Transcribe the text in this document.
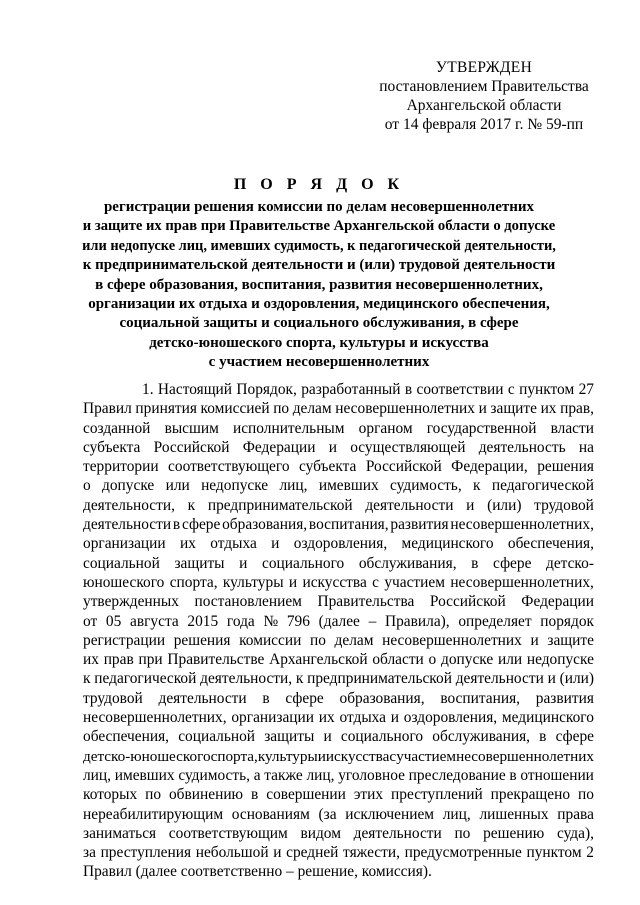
УТВЕРЖДЕН
постановлением Правительства
Архангельской области
от 14 февраля 2017 г. № 59-пп
П О Р Я Д О К
регистрации решения комиссии по делам несовершеннолетних
и защите их прав при Правительстве Архангельской области о допуске
или недопуске лиц, имевших судимость, к педагогической деятельности,
к предпринимательской деятельности и (или) трудовой деятельности
в сфере образования, воспитания, развития несовершеннолетних,
организации их отдыха и оздоровления, медицинского обеспечения,
социальной защиты и социального обслуживания, в сфере
детско-юношеского спорта, культуры и искусства
с участием несовершеннолетних
1. Настоящий Порядок, разработанный в соответствии с пунктом 27
Правил принятия комиссией по делам несовершеннолетних и защите их прав,
созданной высшим исполнительным органом государственной власти
субъекта Российской Федерации и осуществляющей деятельность на
территории соответствующего субъекта Российской Федерации, решения
о допуске или недопуске лиц, имевших судимость, к педагогической
деятельности, к предпринимательской деятельности и (или) трудовой
деятельности в сфере образования, воспитания, развития несовершеннолетних,
организации их отдыха и оздоровления, медицинского обеспечения,
социальной защиты и социального обслуживания, в сфере детско-
юношеского спорта, культуры и искусства с участием несовершеннолетних,
утвержденных постановлением Правительства Российской Федерации
от 05 августа 2015 года № 796 (далее – Правила), определяет порядок
регистрации решения комиссии по делам несовершеннолетних и защите
их прав при Правительстве Архангельской области о допуске или недопуске
к педагогической деятельности, к предпринимательской деятельности и (или)
трудовой деятельности в сфере образования, воспитания, развития
несовершеннолетних, организации их отдыха и оздоровления, медицинского
обеспечения, социальной защиты и социального обслуживания, в сфере
детско-юношеского спорта, культуры и искусства с участием несовершеннолетних
лиц, имевших судимость, а также лиц, уголовное преследование в отношении
которых по обвинению в совершении этих преступлений прекращено по
нереабилитирующим основаниям (за исключением лиц, лишенных права
заниматься соответствующим видом деятельности по решению суда),
за преступления небольшой и средней тяжести, предусмотренные пунктом 2
Правил (далее соответственно – решение, комиссия).
